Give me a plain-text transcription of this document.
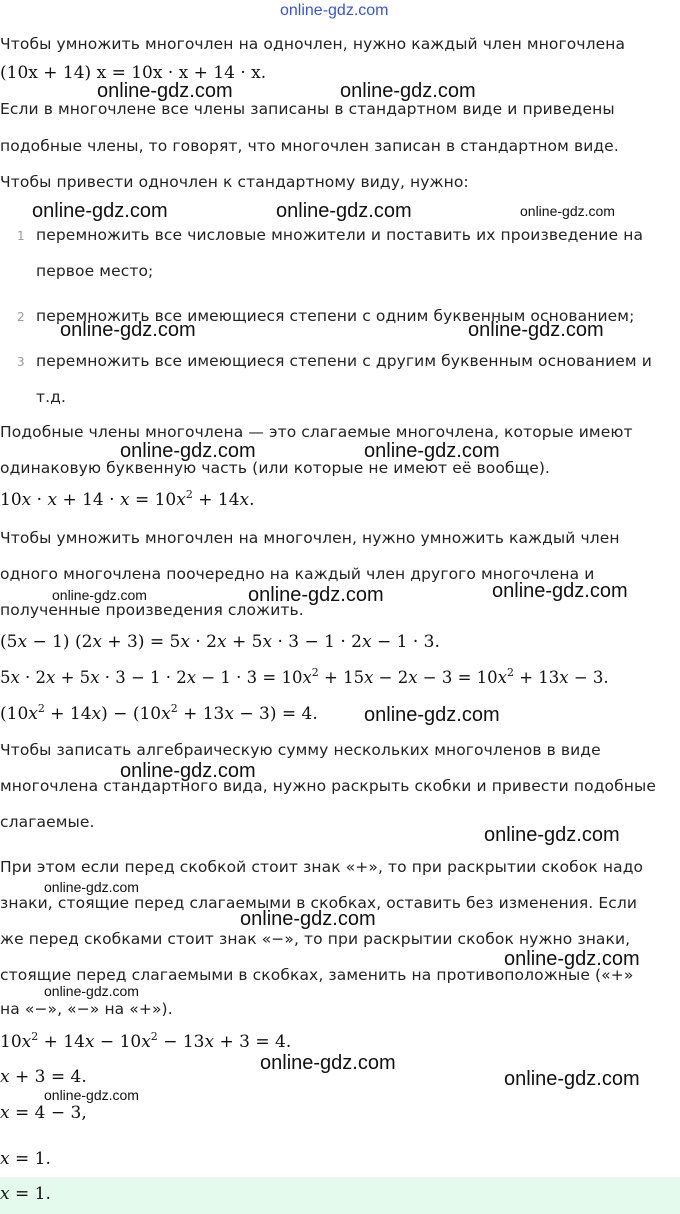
online-gdz.com
Чтобы умножить многочлен на одночлен, нужно каждый член многочлена
(10x + 14) x = 10x · x + 14 · x.
online-gdz.com	online-gdz.com
Если в многочлене все члены записаны в стандартном виде и приведены
подобные члены, то говорят, что многочлен записан в стандартном виде.
Чтобы привести одночлен к стандартному виду, нужно:
online-gdz.com	online-gdz.com	online-gdz.com
1 перемножить все числовые множители и поставить их произведение на
первое место;
2 перемножить все имеющиеся степени с одним буквенным основанием;
online-gdz.com	online-gdz.com
3 перемножить все имеющиеся степени с другим буквенным основанием и
т.д.
Подобные члены многочлена — это слагаемые многочлена, которые имеют
online-gdz.com	online-gdz.com
одинаковую буквенную часть (или которые не имеют её вообще).
$10x \cdot x + 14 \cdot x = 10x^2 + 14x$.
Чтобы умножить многочлен на многочлен, нужно умножить каждый член
одного многочлена поочередно на каждый член другого многочлена и
online-gdz.com	online-gdz.com	online-gdz.com
полученные произведения сложить.
(5x − 1) (2x + 3) = 5x · 2x + 5x · 3 − 1 · 2x − 1 · 3.
$5x \cdot 2x + 5x \cdot 3 - 1 \cdot 2x - 1 \cdot 3 = 10x^2 + 15x - 2x - 3 = 10x^2 + 13x - 3$.
$(10x^2 + 14x) - (10x^2 + 13x - 3) = 4$. online-gdz.com
Чтобы записать алгебраическую сумму нескольких многочленов в виде
online-gdz.com
многочлена стандартного вида, нужно раскрыть скобки и привести подобные
слагаемые.
online-gdz.com
При этом если перед скобкой стоит знак «+», то при раскрытии скобок надо
online-gdz.com
знаки, стоящие перед слагаемыми в скобках, оставить без изменения. Если
online-gdz.com
же перед скобками стоит знак «−», то при раскрытии скобок нужно знаки,
online-gdz.com
стоящие перед слагаемыми в скобках, заменить на противоположные («+»
online-gdz.com
на «−», «−» на «+»).
$10x^2 + 14x - 10x^2 - 13x + 3 = 4$.
online-gdz.com
x + 3 = 4.	online-gdz.com
online-gdz.com
x = 4 − 3,
x = 1.
x = 1.
